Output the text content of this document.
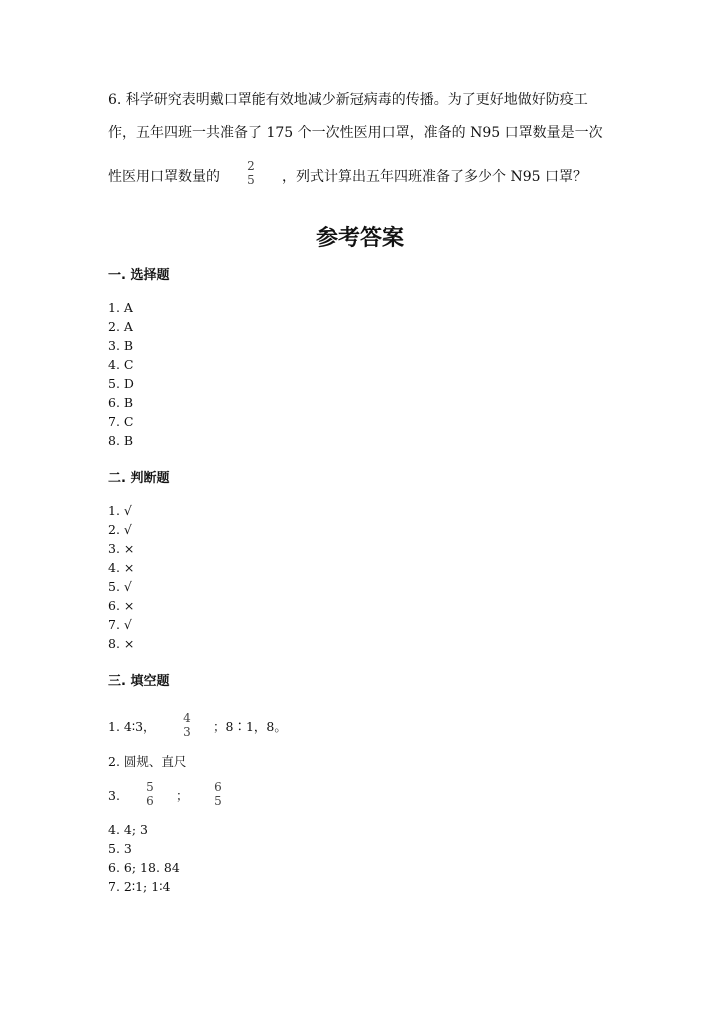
6. 科学研究表明戴口罩能有效地减少新冠病毒的传播。为了更好地做好防疫工
作，五年四班一共准备了 175 个一次性医用口罩，准备的 N95 口罩数量是一次
性医用口罩数量的
2
5 ，列式计算出五年四班准备了多少个 N95 口罩？
参考答案
一. 选择题
1. A
2. A
3. B
4. C
5. D
6. B
7. C
8. B
二. 判断题
1. √
2. √
3. ×
4. ×
5. √
6. ×
7. √
8. ×
三. 填空题
1. 4∶3，
4
3 ；8∶1，8。
2. 圆规、直尺
3.
5
6 ；
6
5
4. 4; 3
5. 3
6. 6; 18. 84
7. 2∶1; 1∶4
